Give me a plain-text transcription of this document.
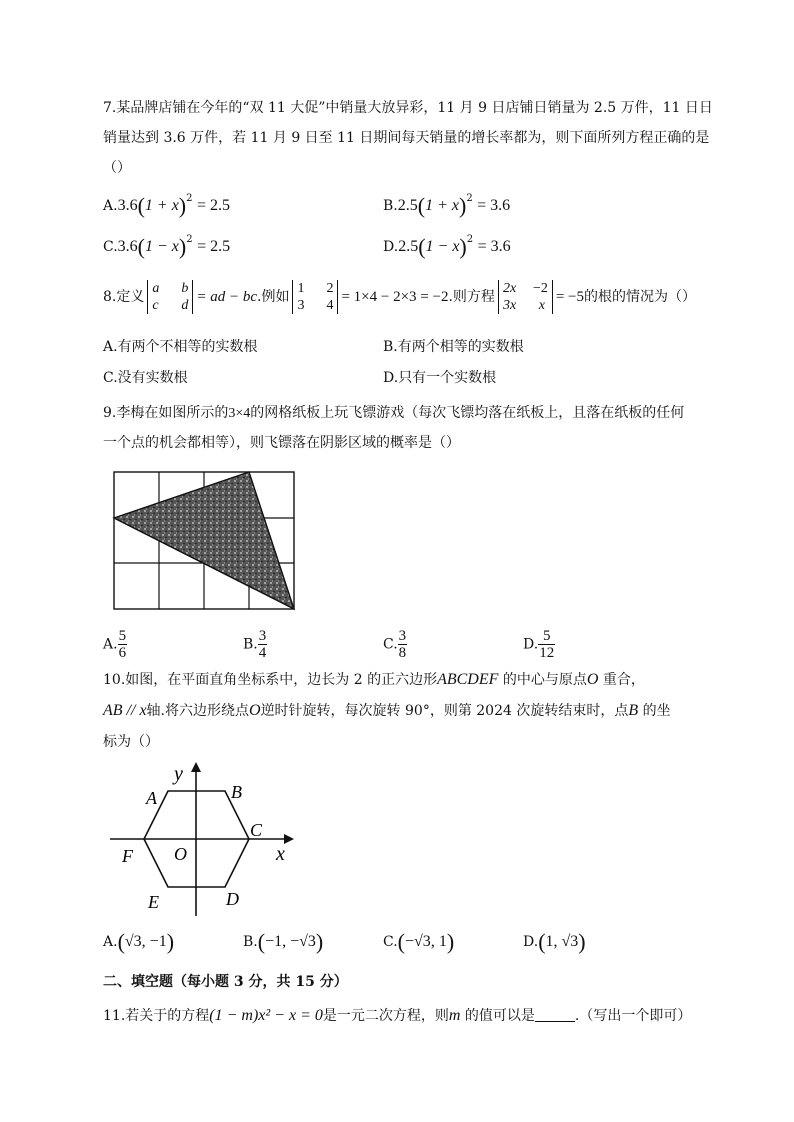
7.某品牌店铺在今年的“双 11 大促”中销量大放异彩，11 月 9 日店铺日销量为 2.5 万件，11 日日
销量达到 3.6 万件，若 11 月 9 日至 11 日期间每天销量的增长率都为，则下面所列方程正确的是
（）
$A.3.6(1 + x)^2 = 2.5$	$B.2.5(1 + x)^2 = 3.6$
$C.3.6(1 - x)^2 = 2.5$	$D.2.5(1 - x)^2 = 3.6$
8.定义
a b
c d
= ad − bc.例如
1 2
3 4
= 1×4 − 2×3 = −2.则方程
2x −2
3x x
= −5的根的情况为（）
A.有两个不相等的实数根	B.有两个相等的实数根
C.没有实数根	D.只有一个实数根
9.李梅在如图所示的3×4的网格纸板上玩飞镖游戏（每次飞镖均落在纸板上，且落在纸板的任何
一个点的机会都相等），则飞镖落在阴影区域的概率是（）
A. $\frac{5}{6}$	B. $\frac{3}{4}$	C. $\frac{3}{8}$	D. $\frac{5}{12}$
10.如图，在平面直角坐标系中，边长为 2 的正六边形ABCDEF 的中心与原点O 重合，
AB // x轴.将六边形绕点O逆时针旋转，每次旋转 90°，则第 2024 次旋转结束时，点B 的坐
标为（）
y
x
A	B
C
D
E
F O
A.(√3, −1)	B.(−1, −√3)	C.(−√3, 1)	D.(1, √3)
二、填空题（每小题 3 分，共 15 分）
11.若关于的方程(1 − m)x² − x = 0是一元二次方程，则m 的值可以是	.（写出一个即可）
